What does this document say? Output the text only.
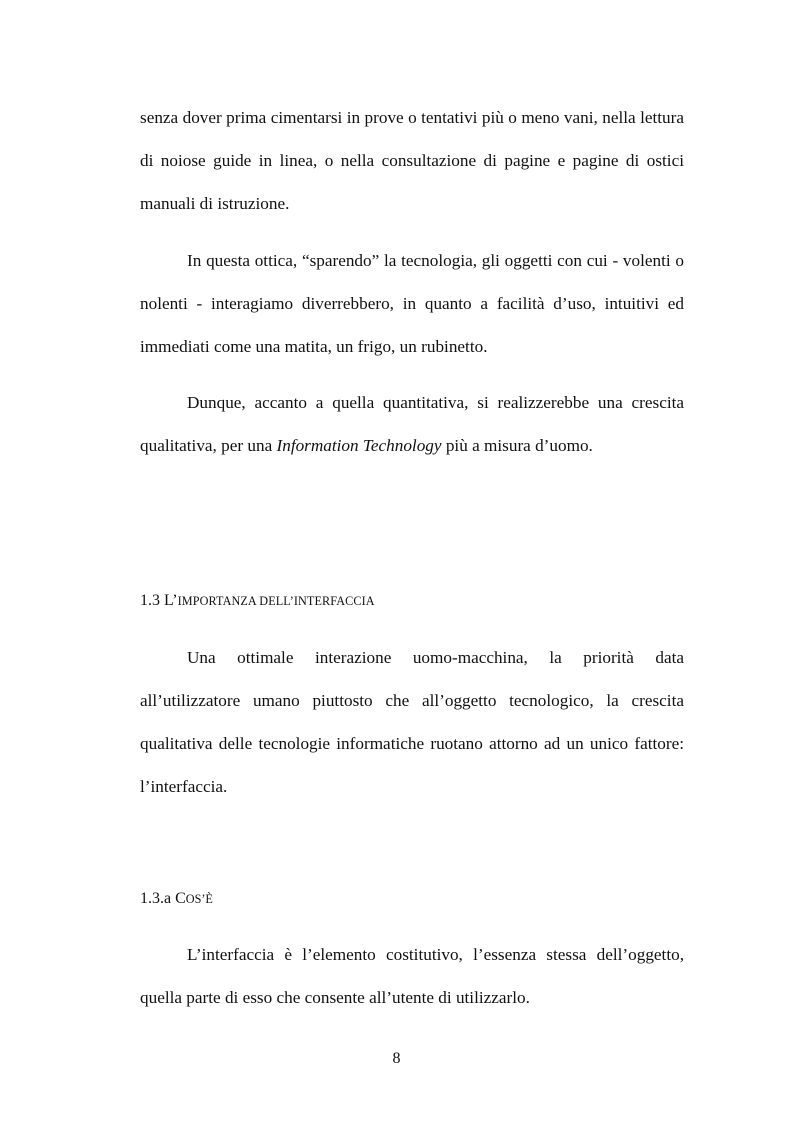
senza dover prima cimentarsi in prove o tentativi più o meno vani, nella lettura di noiose guide in linea, o nella consultazione di pagine e pagine di ostici manuali di istruzione.

In questa ottica, “sparendo” la tecnologia, gli oggetti con cui - volenti o nolenti - interagiamo diverrebbero, in quanto a facilità d’uso, intuitivi ed immediati come una matita, un frigo, un rubinetto.

Dunque, accanto a quella quantitativa, si realizzerebbe una crescita qualitativa, per una Information Technology più a misura d’uomo.

1.3 L’IMPORTANZA DELL’INTERFACCIA

Una ottimale interazione uomo-macchina, la priorità data all’utilizzatore umano piuttosto che all’oggetto tecnologico, la crescita qualitativa delle tecnologie informatiche ruotano attorno ad un unico fattore: l’interfaccia.

1.3.a COS’È

L’interfaccia è l’elemento costitutivo, l’essenza stessa dell’oggetto, quella parte di esso che consente all’utente di utilizzarlo.

8
